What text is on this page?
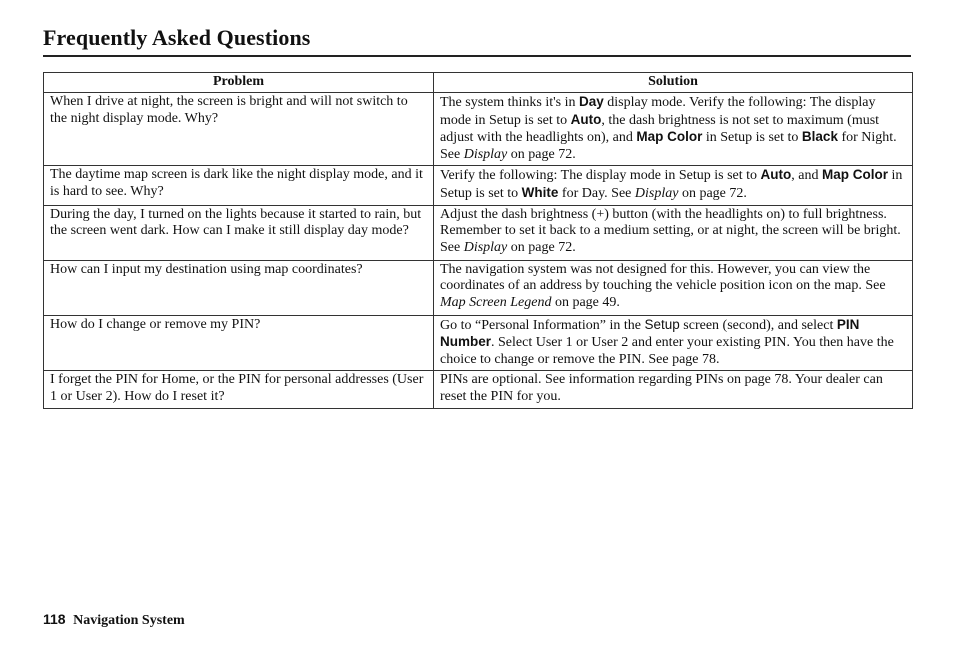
Frequently Asked Questions
Problem	Solution
When I drive at night, the screen is bright and will not switch to the night display mode. Why?	The system thinks it's in Day display mode. Verify the following: The display mode in Setup is set to Auto, the dash brightness is not set to maximum (must adjust with the headlights on), and Map Color in Setup is set to Black for Night. See Display on page 72.
The daytime map screen is dark like the night display mode, and it is hard to see. Why?	Verify the following: The display mode in Setup is set to Auto, and Map Color in Setup is set to White for Day. See Display on page 72.
During the day, I turned on the lights because it started to rain, but the screen went dark. How can I make it still display day mode?	Adjust the dash brightness (+) button (with the headlights on) to full brightness. Remember to set it back to a medium setting, or at night, the screen will be bright. See Display on page 72.
How can I input my destination using map coordinates?	The navigation system was not designed for this. However, you can view the coordinates of an address by touching the vehicle position icon on the map. See Map Screen Legend on page 49.
How do I change or remove my PIN?	Go to “Personal Information” in the Setup screen (second), and select PIN Number. Select User 1 or User 2 and enter your existing PIN. You then have the choice to change or remove the PIN. See page 78.
I forget the PIN for Home, or the PIN for personal addresses (User 1 or User 2). How do I reset it?	PINs are optional. See information regarding PINs on page 78. Your dealer can reset the PIN for you.
118 Navigation System
